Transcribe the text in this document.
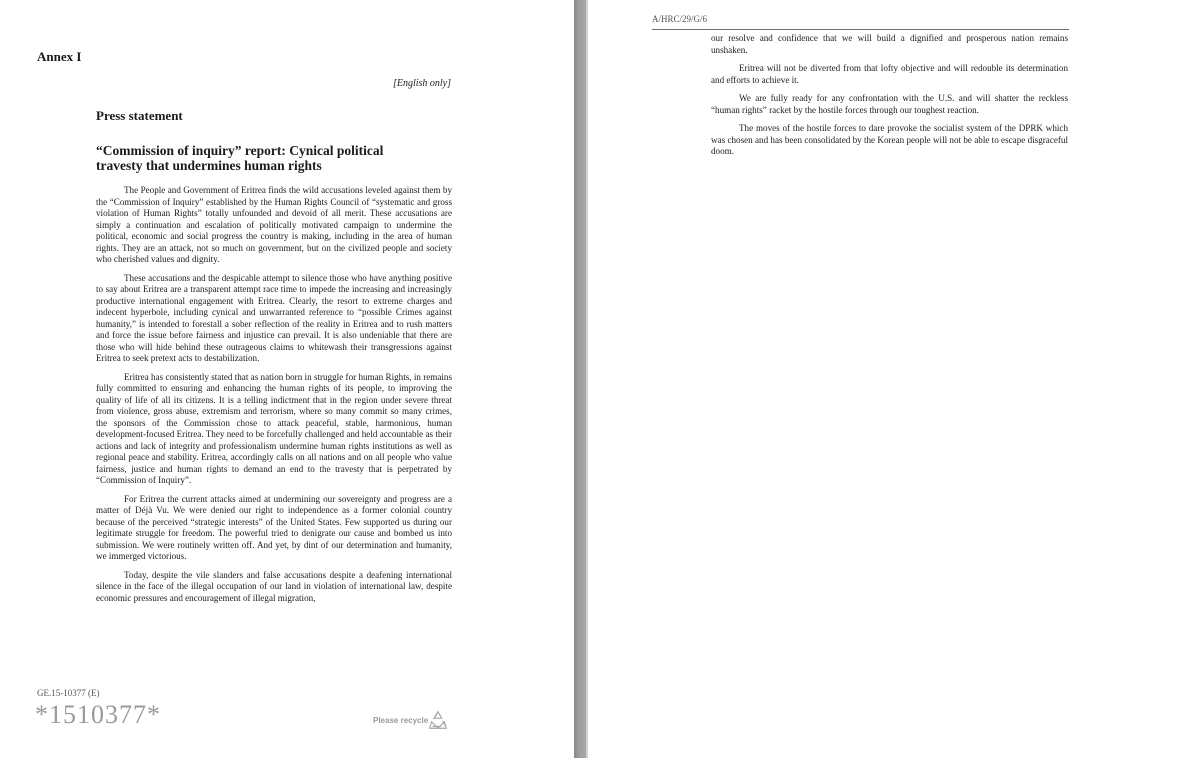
Annex I
[English only]
Press statement
“Commission of inquiry” report: Cynical political travesty that undermines human rights

The People and Government of Eritrea finds the wild accusations leveled against them by the “Commission of Inquiry” established by the Human Rights Council of “systematic and gross violation of Human Rights” totally unfounded and devoid of all merit. These accusations are simply a continuation and escalation of politically motivated campaign to undermine the political, economic and social progress the country is making, including in the area of human rights. They are an attack, not so much on government, but on the civilized people and society who cherished values and dignity.

These accusations and the despicable attempt to silence those who have anything positive to say about Eritrea are a transparent attempt race time to impede the increasing and increasingly productive international engagement with Eritrea. Clearly, the resort to extreme charges and indecent hyperbole, including cynical and unwarranted reference to “possible Crimes against humanity,” is intended to forestall a sober reflection of the reality in Eritrea and to rush matters and force the issue before fairness and injustice can prevail. It is also undeniable that there are those who will hide behind these outrageous claims to whitewash their transgressions against Eritrea to seek pretext acts to destabilization.

Eritrea has consistently stated that as nation born in struggle for human Rights, in remains fully committed to ensuring and enhancing the human rights of its people, to improving the quality of life of all its citizens. It is a telling indictment that in the region under severe threat from violence, gross abuse, extremism and terrorism, where so many commit so many crimes, the sponsors of the Commission chose to attack peaceful, stable, harmonious, human development-focused Eritrea. They need to be forcefully challenged and held accountable as their actions and lack of integrity and professionalism undermine human rights institutions as well as regional peace and stability. Eritrea, accordingly calls on all nations and on all people who value fairness, justice and human rights to demand an end to the travesty that is perpetrated by “Commission of Inquiry”.

For Eritrea the current attacks aimed at undermining our sovereignty and progress are a matter of Déjà Vu. We were denied our right to independence as a former colonial country because of the perceived “strategic interests” of the United States. Few supported us during our legitimate struggle for freedom. The powerful tried to denigrate our cause and bombed us into submission. We were routinely written off. And yet, by dint of our determination and humanity, we immerged victorious.

Today, despite the vile slanders and false accusations despite a deafening international silence in the face of the illegal occupation of our land in violation of international law, despite economic pressures and encouragement of illegal migration,

GE.15-10377 (E)
*1510377*	Please recycle
A/HRC/29/G/6

our resolve and confidence that we will build a dignified and prosperous nation remains unshaken.

Eritrea will not be diverted from that lofty objective and will redouble its determination and efforts to achieve it.

We are fully ready for any confrontation with the U.S. and will shatter the reckless “human rights” racket by the hostile forces through our toughest reaction.

The moves of the hostile forces to dare provoke the socialist system of the DPRK which was chosen and has been consolidated by the Korean people will not be able to escape disgraceful doom.
